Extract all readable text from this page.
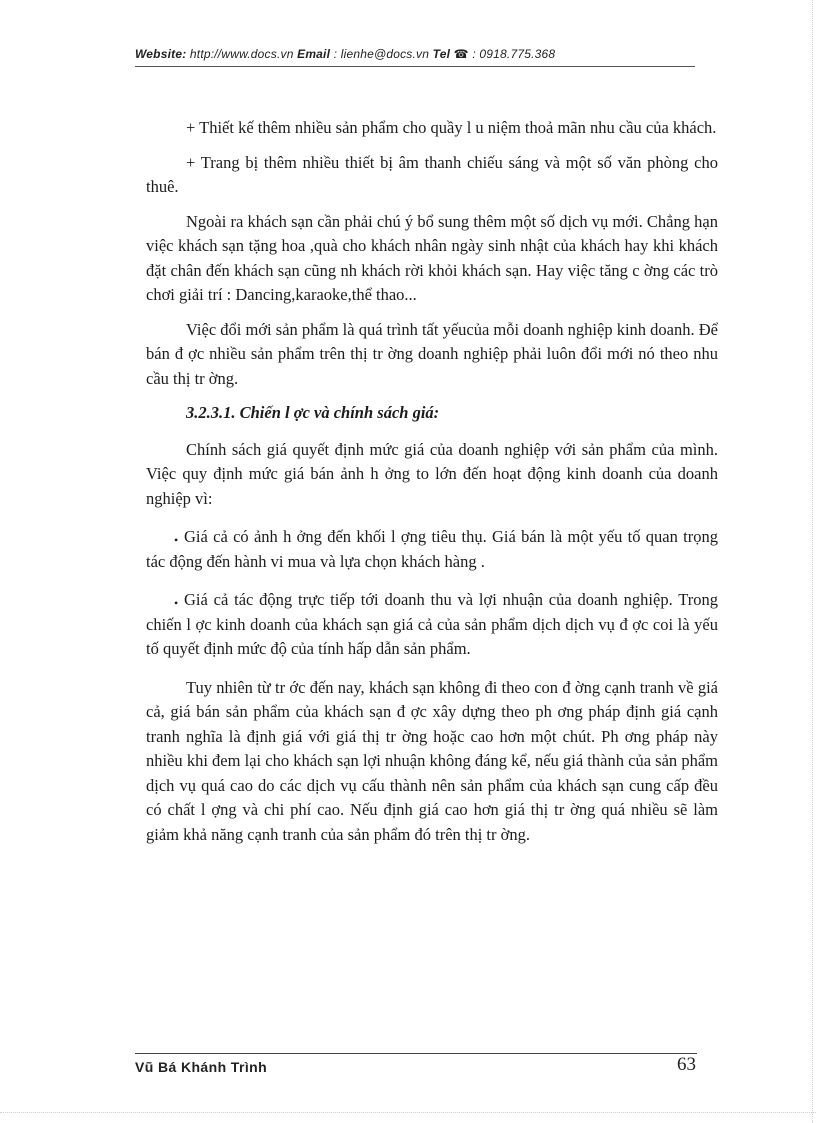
Website: http://www.docs.vn Email : lienhe@docs.vn Tel ☎ : 0918.775.368

+ Thiết kế thêm nhiều sản phẩm cho quầy l u niệm thoả mãn nhu cầu của khách.

+ Trang bị thêm nhiều thiết bị âm thanh chiếu sáng và một số văn phòng cho thuê.

Ngoài ra khách sạn cần phải chú ý bổ sung thêm một số dịch vụ mới. Chẳng hạn việc khách sạn tặng hoa ,quà cho khách nhân ngày sinh nhật của khách hay khi khách đặt chân đến khách sạn cũng nh khách rời khỏi khách sạn. Hay việc tăng c ờng các trò chơi giải trí : Dancing,karaoke,thể thao...

Việc đổi mới sản phẩm là quá trình tất yếucủa mỗi doanh nghiệp kinh doanh. Để bán đ ợc nhiều sản phẩm trên thị tr ờng doanh nghiệp phải luôn đổi mới nó theo nhu cầu thị tr ờng.

3.2.3.1. Chiến l ợc và chính sách giá:

Chính sách giá quyết định mức giá của doanh nghiệp với sản phẩm của mình. Việc quy định mức giá bán ảnh h ởng to lớn đến hoạt động kinh doanh của doanh nghiệp vì:

• Giá cả có ảnh h ởng đến khối l ợng tiêu thụ. Giá bán là một yếu tố quan trọng tác động đến hành vi mua và lựa chọn khách hàng .

• Giá cả tác động trực tiếp tới doanh thu và lợi nhuận của doanh nghiệp. Trong chiến l ợc kinh doanh của khách sạn giá cả của sản phẩm dịch dịch vụ đ ợc coi là yếu tố quyết định mức độ của tính hấp dẫn sản phẩm.

Tuy nhiên từ tr ớc đến nay, khách sạn không đi theo con đ ờng cạnh tranh về giá cả, giá bán sản phẩm của khách sạn đ ợc xây dựng theo ph ơng pháp định giá cạnh tranh nghĩa là định giá với giá thị tr ờng hoặc cao hơn một chút. Ph ơng pháp này nhiều khi đem lại cho khách sạn lợi nhuận không đáng kể, nếu giá thành của sản phẩm dịch vụ quá cao do các dịch vụ cấu thành nên sản phẩm của khách sạn cung cấp đều có chất l ợng và chi phí cao. Nếu định giá cao hơn giá thị tr ờng quá nhiều sẽ làm giảm khả năng cạnh tranh của sản phẩm đó trên thị tr ờng.

Vũ Bá Khánh Trình	63
